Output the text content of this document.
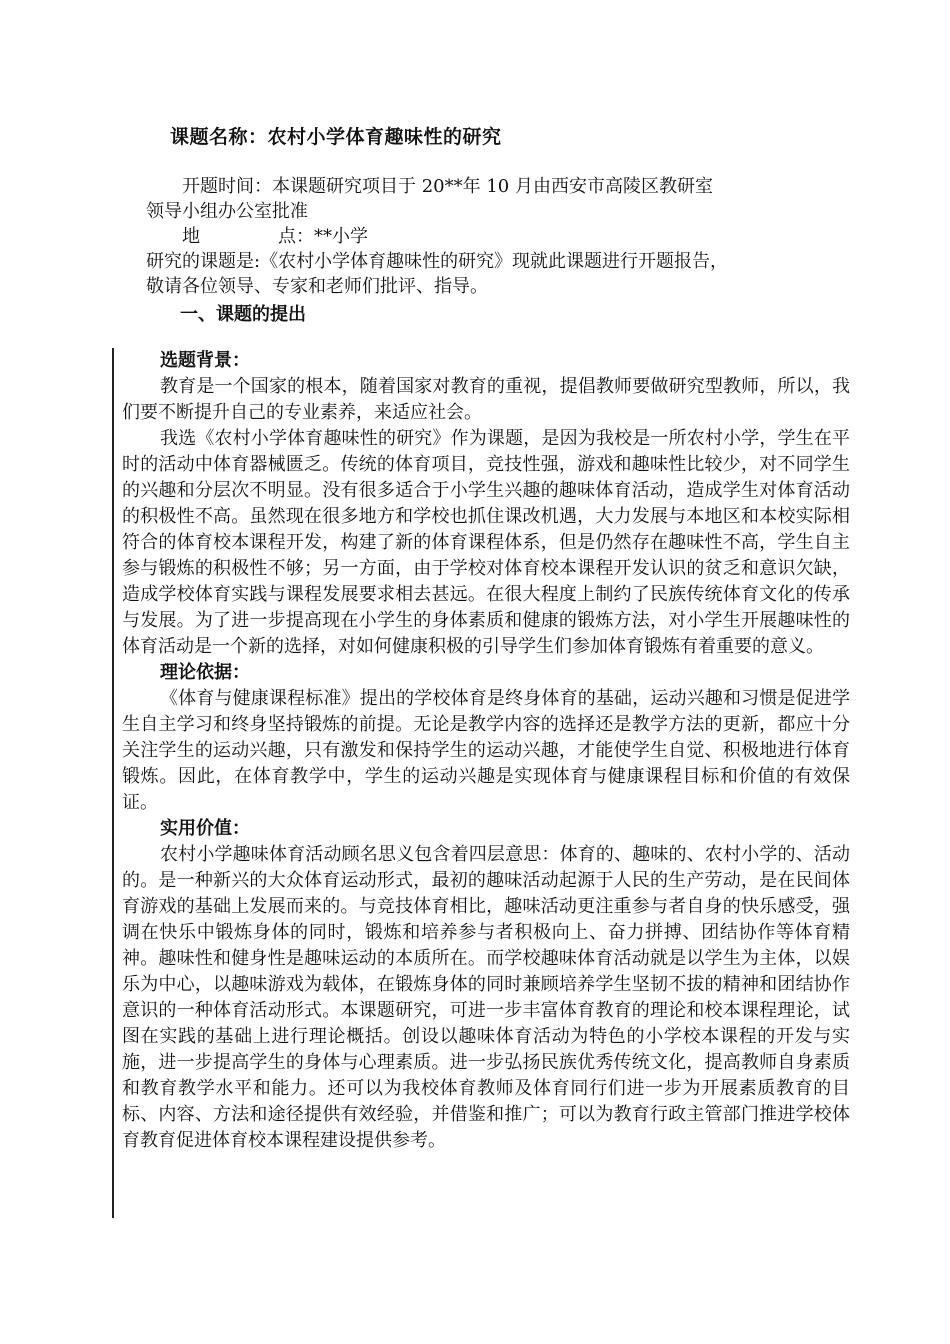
课题名称：农村小学体育趣味性的研究

开题时间：本课题研究项目于 20**年 10 月由西安市高陵区教研室

领导小组办公室批准

地	点：**小学

研究的课题是:《农村小学体育趣味性的研究》现就此课题进行开题报告，

敬请各位领导、专家和老师们批评、指导。

一、课题的提出

选题背景：

教育是一个国家的根本，随着国家对教育的重视，提倡教师要做研究型教师，所以，我们要不断提升自己的专业素养，来适应社会。

我选《农村小学体育趣味性的研究》作为课题，是因为我校是一所农村小学，学生在平时的活动中体育器械匮乏。传统的体育项目，竞技性强，游戏和趣味性比较少，对不同学生的兴趣和分层次不明显。没有很多适合于小学生兴趣的趣味体育活动，造成学生对体育活动的积极性不高。虽然现在很多地方和学校也抓住课改机遇，大力发展与本地区和本校实际相符合的体育校本课程开发，构建了新的体育课程体系，但是仍然存在趣味性不高，学生自主参与锻炼的积极性不够；另一方面，由于学校对体育校本课程开发认识的贫乏和意识欠缺，造成学校体育实践与课程发展要求相去甚远。在很大程度上制约了民族传统体育文化的传承与发展。为了进一步提高现在小学生的身体素质和健康的锻炼方法，对小学生开展趣味性的体育活动是一个新的选择，对如何健康积极的引导学生们参加体育锻炼有着重要的意义。

理论依据：

《体育与健康课程标准》提出的学校体育是终身体育的基础，运动兴趣和习惯是促进学生自主学习和终身坚持锻炼的前提。无论是教学内容的选择还是教学方法的更新，都应十分关注学生的运动兴趣，只有激发和保持学生的运动兴趣，才能使学生自觉、积极地进行体育锻炼。因此，在体育教学中，学生的运动兴趣是实现体育与健康课程目标和价值的有效保证。

实用价值：

农村小学趣味体育活动顾名思义包含着四层意思：体育的、趣味的、农村小学的、活动的。是一种新兴的大众体育运动形式，最初的趣味活动起源于人民的生产劳动，是在民间体育游戏的基础上发展而来的。与竞技体育相比，趣味活动更注重参与者自身的快乐感受，强调在快乐中锻炼身体的同时，锻炼和培养参与者积极向上、奋力拼搏、团结协作等体育精神。趣味性和健身性是趣味运动的本质所在。而学校趣味体育活动就是以学生为主体，以娱乐为中心，以趣味游戏为载体，在锻炼身体的同时兼顾培养学生坚韧不拔的精神和团结协作意识的一种体育活动形式。本课题研究，可进一步丰富体育教育的理论和校本课程理论，试图在实践的基础上进行理论概括。创设以趣味体育活动为特色的小学校本课程的开发与实施，进一步提高学生的身体与心理素质。进一步弘扬民族优秀传统文化，提高教师自身素质和教育教学水平和能力。还可以为我校体育教师及体育同行们进一步为开展素质教育的目标、内容、方法和途径提供有效经验，并借鉴和推广；可以为教育行政主管部门推进学校体育教育促进体育校本课程建设提供参考。
